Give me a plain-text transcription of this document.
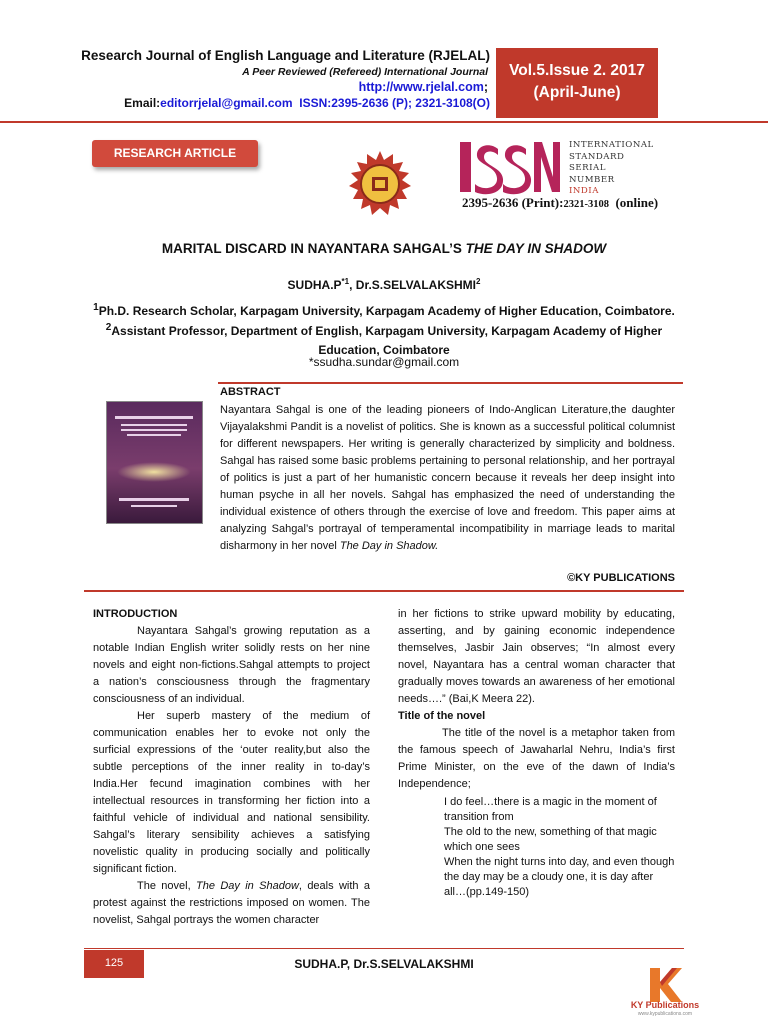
Research Journal of English Language and Literature (RJELAL)
A Peer Reviewed (Refereed) International Journal
http://www.rjelal.com;
Email:editorrjelal@gmail.com ISSN:2395-2636 (P); 2321-3108(O)
Vol.5.Issue 2. 2017
(April-June)
RESEARCH ARTICLE
INTERNATIONAL
STANDARD
SERIAL
NUMBER
INDIA
2395-2636 (Print):2321-3108 (online)
MARITAL DISCARD IN NAYANTARA SAHGAL’S THE DAY IN SHADOW
$SUDHA.P^{*1}$, Dr.S.SELVALAKSHMI$^2$
$^1$Ph.D. Research Scholar, Karpagam University, Karpagam Academy of Higher Education, Coimbatore.
$^2$Assistant Professor, Department of English, Karpagam University, Karpagam Academy of Higher Education, Coimbatore
*ssudha.sundar@gmail.com
ABSTRACT
Nayantara Sahgal is one of the leading pioneers of Indo-Anglican Literature,the daughter Vijayalakshmi Pandit is a novelist of politics. She is known as a successful political columnist for different newspapers. Her writing is generally characterized by simplicity and boldness. Sahgal has raised some basic problems pertaining to personal relationship, and her portrayal of politics is just a part of her humanistic concern because it reveals her deep insight into human psyche in all her novels. Sahgal has emphasized the need of understanding the individual existence of others through the exercise of love and freedom. This paper aims at analyzing Sahgal’s portrayal of temperamental incompatibility in marriage leads to marital disharmony in her novel The Day in Shadow.
©KY PUBLICATIONS

INTRODUCTION

Nayantara Sahgal’s growing reputation as a notable Indian English writer solidly rests on her nine novels and eight non-fictions.Sahgal attempts to project a nation’s consciousness through the fragmentary consciousness of an individual.

Her superb mastery of the medium of communication enables her to evoke not only the surficial expressions of the ‘outer reality,but also the subtle perceptions of the inner reality in to-day’s India.Her fecund imagination combines with her intellectual resources in transforming her fiction into a faithful vehicle of individual and national sensibility. Sahgal’s literary sensibility achieves a satisfying novelistic quality in producing socially and politically significant fiction.

The novel, The Day in Shadow, deals with a protest against the restrictions imposed on women. The novelist, Sahgal portrays the women character

in her fictions to strike upward mobility by educating, asserting, and by gaining economic independence themselves, Jasbir Jain observes; “In almost every novel, Nayantara has a central woman character that gradually moves towards an awareness of her emotional needs….” (Bai,K Meera 22).

Title of the novel

The title of the novel is a metaphor taken from the famous speech of Jawaharlal Nehru, India’s first Prime Minister, on the eve of the dawn of India’s Independence;

I do feel…there is a magic in the moment of transition from
The old to the new, something of that magic which one sees
When the night turns into day, and even though the day may be a cloudy one, it is day after all…(pp.149-150)
125	SUDHA.P, Dr.S.SELVALAKSHMI
KY Publications
www.kypublications.com
